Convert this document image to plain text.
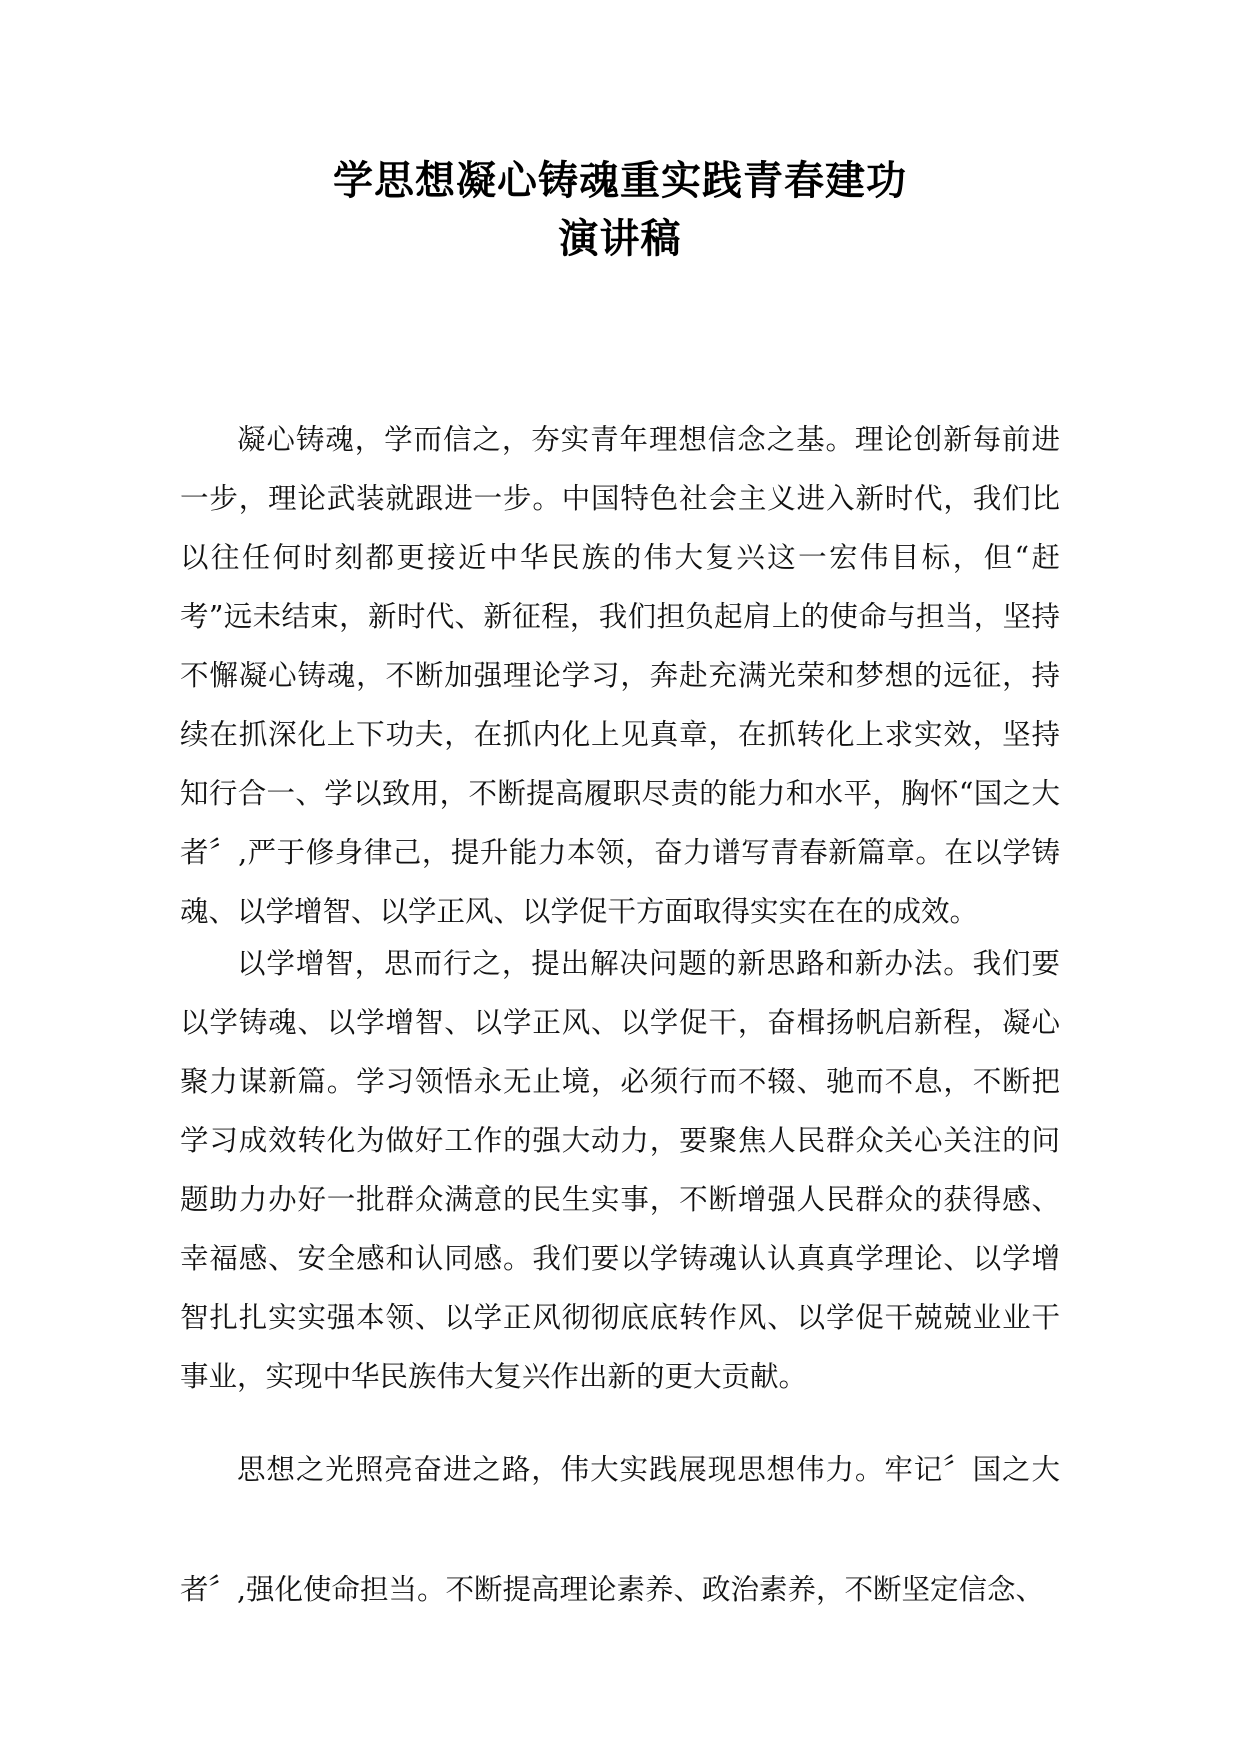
学思想凝心铸魂重实践青春建功
演讲稿

凝心铸魂，学而信之，夯实青年理想信念之基。理论创新每前进一步，理论武装就跟进一步。中国特色社会主义进入新时代，我们比以往任何时刻都更接近中华民族的伟大复兴这一宏伟目标，但“赶考”远未结束，新时代、新征程，我们担负起肩上的使命与担当，坚持不懈凝心铸魂，不断加强理论学习，奔赴充满光荣和梦想的远征，持续在抓深化上下功夫，在抓内化上见真章，在抓转化上求实效，坚持知行合一、学以致用，不断提高履职尽责的能力和水平，胸怀“国之大者〞,严于修身律己，提升能力本领，奋力谱写青春新篇章。在以学铸魂、以学增智、以学正风、以学促干方面取得实实在在的成效。

以学增智，思而行之，提出解决问题的新思路和新办法。我们要以学铸魂、以学增智、以学正风、以学促干，奋楫扬帆启新程，凝心聚力谋新篇。学习领悟永无止境，必须行而不辍、驰而不息，不断把学习成效转化为做好工作的强大动力，要聚焦人民群众关心关注的问题助力办好一批群众满意的民生实事，不断增强人民群众的获得感、幸福感、安全感和认同感。我们要以学铸魂认认真真学理论、以学增智扎扎实实强本领、以学正风彻彻底底转作风、以学促干兢兢业业干事业，实现中华民族伟大复兴作出新的更大贡献。

思想之光照亮奋进之路，伟大实践展现思想伟力。牢记〞国之大者〞,强化使命担当。不断提高理论素养、政治素养，不断坚定信念、
